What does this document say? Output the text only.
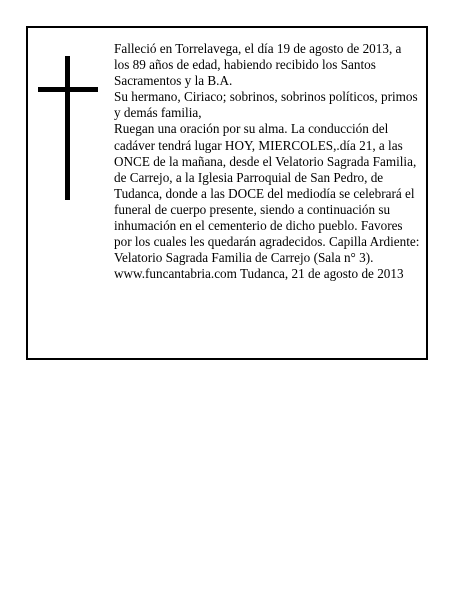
Falleció en Torrelavega, el día 19 de agosto de 2013, a los 89 años de edad, habiendo recibido los Santos Sacramentos y la B.A.

Su hermano, Ciriaco; sobrinos, sobrinos políticos, primos y demás familia,

Ruegan una oración por su alma. La conducción del cadáver tendrá lugar HOY, MIERCOLES,.día 21, a las ONCE de la mañana, desde el Velatorio Sagrada Familia, de Carrejo, a la Iglesia Parroquial de San Pedro, de Tudanca, donde a las DOCE del mediodía se celebrará el funeral de cuerpo presente, siendo a continuación su inhumación en el cementerio de dicho pueblo. Favores por los cuales les quedarán agradecidos. Capilla Ardiente: Velatorio Sagrada Familia de Carrejo (Sala n° 3).

www.funcantabria.com Tudanca, 21 de agosto de 2013
